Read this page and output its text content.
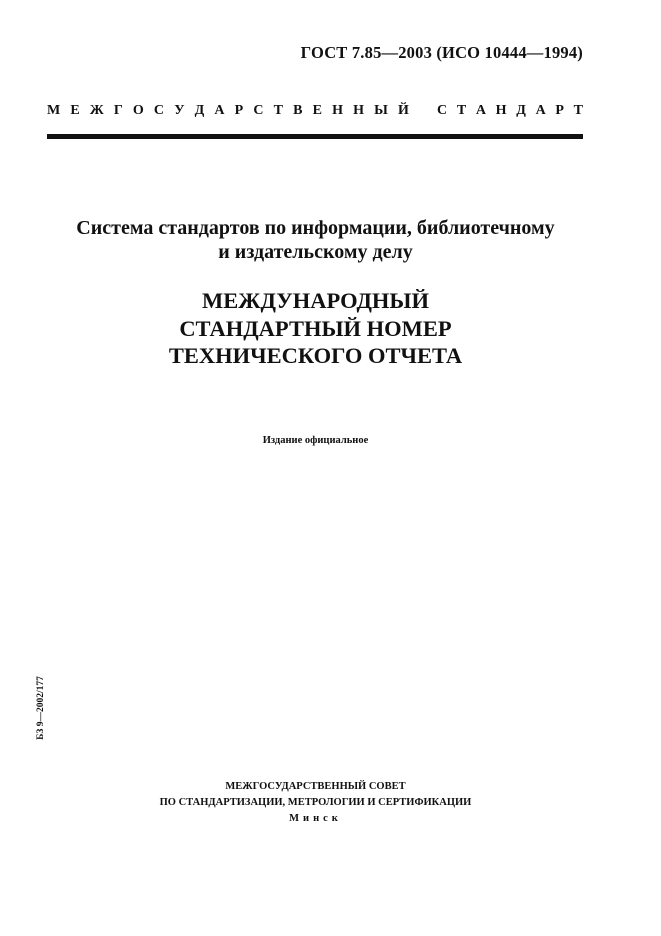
ГОСТ 7.85—2003 (ИСО 10444—1994)
М Е Ж Г О С У Д А Р С Т В Е Н Н Ы Й С Т А Н Д А Р Т
Система стандартов по информации, библиотечному
и издательскому делу
МЕЖДУНАРОДНЫЙ
СТАНДАРТНЫЙ НОМЕР
ТЕХНИЧЕСКОГО ОТЧЕТА
Издание официальное
БЗ 9—2002/177
МЕЖГОСУДАРСТВЕННЫЙ СОВЕТ
ПО СТАНДАРТИЗАЦИИ, МЕТРОЛОГИИ И СЕРТИФИКАЦИИ
Минск
